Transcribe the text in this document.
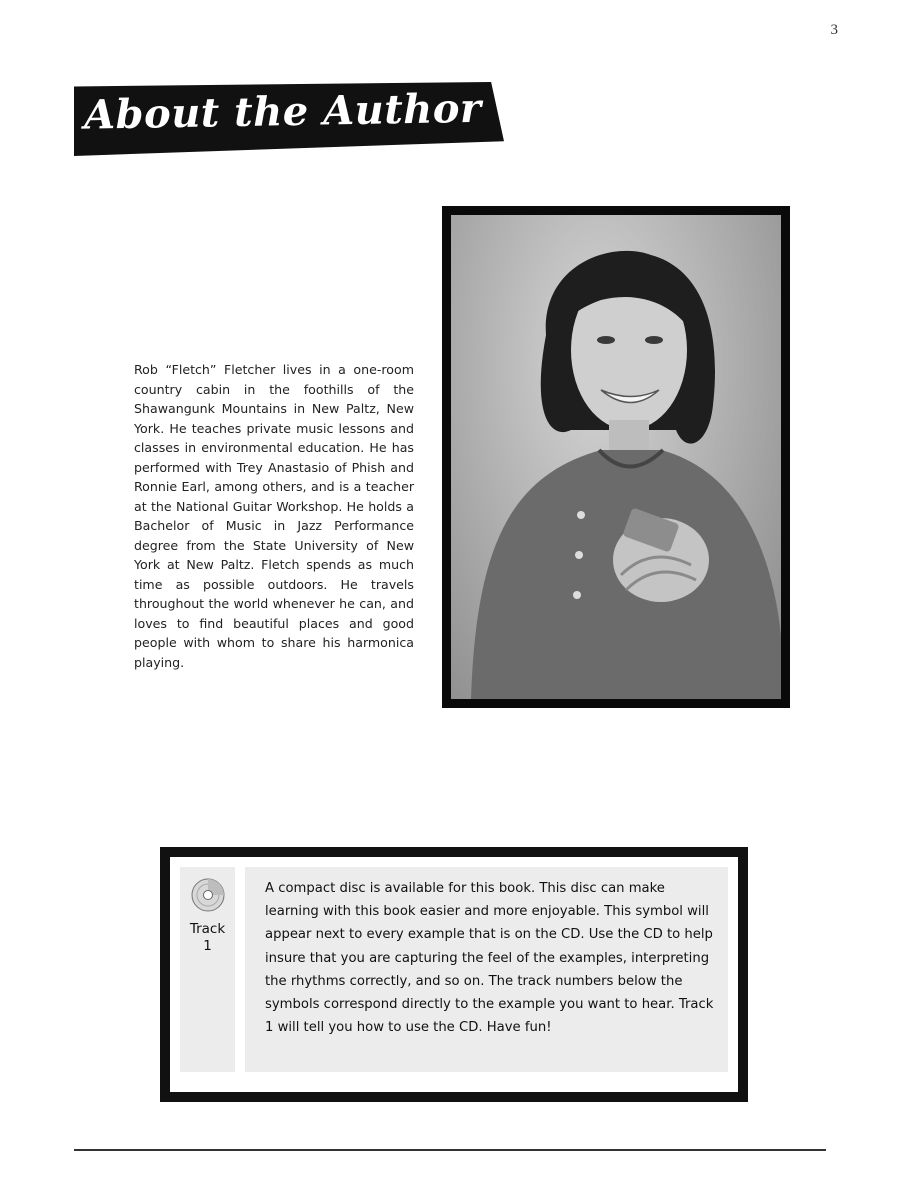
3
About the Author
Rob “Fletch” Fletcher lives in a one-room country cabin in the foothills of the Shawangunk Mountains in New Paltz, New York. He teaches private music lessons and classes in environmental education. He has performed with Trey Anastasio of Phish and Ronnie Earl, among others, and is a teacher at the National Guitar Workshop. He holds a Bachelor of Music in Jazz Performance degree from the State University of New York at New Paltz. Fletch spends as much time as possible outdoors. He travels throughout the world whenever he can, and loves to find beautiful places and good people with whom to share his harmonica playing.
Track
1
A compact disc is available for this book. This disc can make learning with this book easier and more enjoyable. This symbol will appear next to every example that is on the CD. Use the CD to help insure that you are capturing the feel of the examples, interpreting the rhythms correctly, and so on. The track numbers below the symbols correspond directly to the example you want to hear. Track 1 will tell you how to use the CD. Have fun!
